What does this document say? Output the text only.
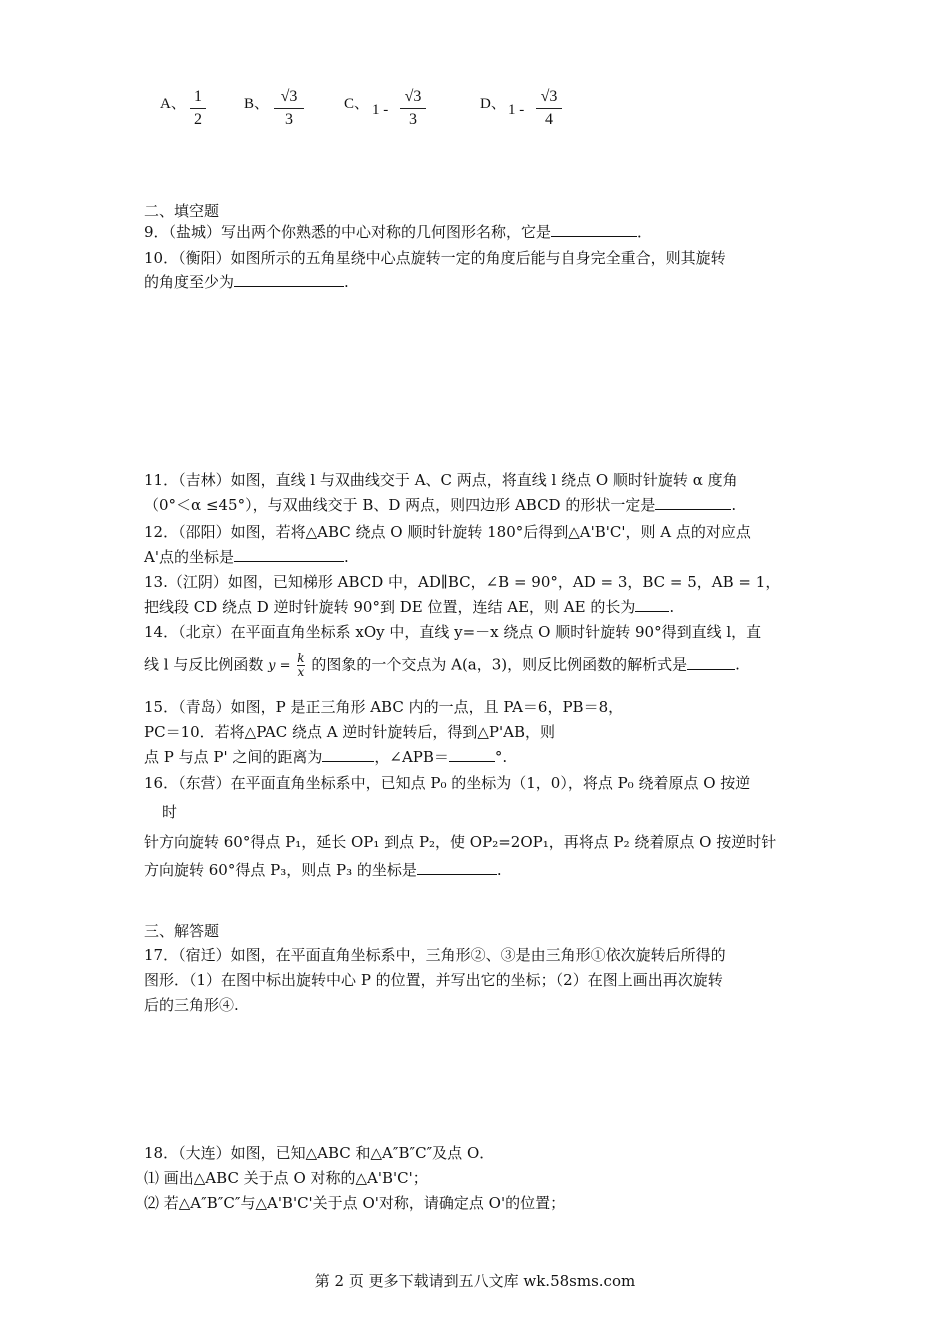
A、 1
2
B、 √3
3
C、 1 -
√3
3
D、 1 -
√3
4
二、填空题
9．（盐城）写出两个你熟悉的中心对称的几何图形名称，它是	．
10．（衡阳）如图所示的五角星绕中心点旋转一定的角度后能与自身完全重合，则其旋转
的角度至少为	.
11．（吉林）如图，直线 l 与双曲线交于 A、C 两点，将直线 l 绕点 O 顺时针旋转 α 度角
（0°＜α ≤45°），与双曲线交于 B、D 两点，则四边形 ABCD 的形状一定是	.
12．（邵阳）如图，若将△ABC 绕点 O 顺时针旋转 180°后得到△A'B'C'，则 A 点的对应点
A'点的坐标是	.
13.（江阴）如图，已知梯形 ABCD 中，AD∥BC，∠B = 90°，AD = 3，BC = 5，AB = 1，
把线段 CD 绕点 D 逆时针旋转 90°到 DE 位置，连结 AE，则 AE 的长为 .
14．（北京）在平面直角坐标系 xOy 中，直线 y=－x 绕点 O 顺时针旋转 90°得到直线 l，直
线 l 与反比例函数 $y = \frac{k}{x}$ 的图象的一个交点为 A(a，3)，则反比例函数的解析式是	.
15．（青岛）如图，P 是正三角形 ABC 内的一点，且 PA＝6，PB＝8，
PC＝10．若将△PAC 绕点 A 逆时针旋转后，得到△P'AB，则
点 P 与点 P' 之间的距离为	，∠APB＝	°.
16．（东营）在平面直角坐标系中，已知点 P₀ 的坐标为（1，0），将点 P₀ 绕着原点 O 按逆
时
针方向旋转 60°得点 P₁，延长 OP₁ 到点 P₂，使 OP₂=2OP₁，再将点 P₂ 绕着原点 O 按逆时针
方向旋转 60°得点 P₃，则点 P₃ 的坐标是	.
三、解答题
17．（宿迁）如图，在平面直角坐标系中，三角形②、③是由三角形①依次旋转后所得的
图形．（1）在图中标出旋转中心 P 的位置，并写出它的坐标；（2）在图上画出再次旋转
后的三角形④.
18．（大连）如图，已知△ABC 和△A″B″C″及点 O．
⑴ 画出△ABC 关于点 O 对称的△A'B'C'；
⑵ 若△A″B″C″与△A'B'C'关于点 O'对称，请确定点 O'的位置；
第 2 页 更多下载请到五八文库 wk.58sms.com
